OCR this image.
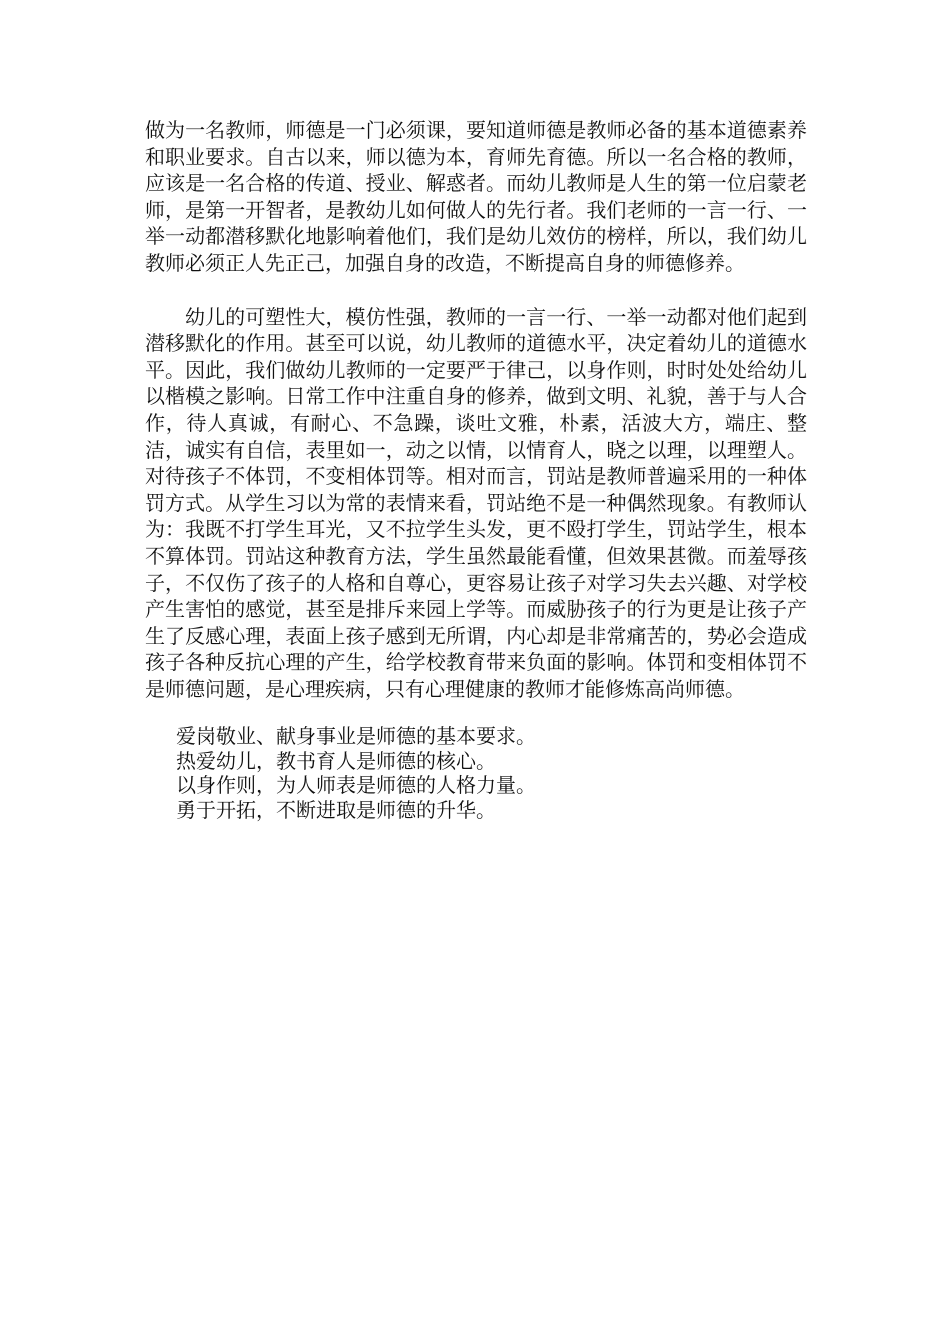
做为一名教师，师德是一门必须课，要知道师德是教师必备的基本道德素养和职业要求。自古以来，师以德为本，育师先育德。所以一名合格的教师，应该是一名合格的传道、授业、解惑者。而幼儿教师是人生的第一位启蒙老师，是第一开智者，是教幼儿如何做人的先行者。我们老师的一言一行、一举一动都潜移默化地影响着他们，我们是幼儿效仿的榜样，所以，我们幼儿教师必须正人先正己，加强自身的改造，不断提高自身的师德修养。

幼儿的可塑性大，模仿性强，教师的一言一行、一举一动都对他们起到潜移默化的作用。甚至可以说，幼儿教师的道德水平，决定着幼儿的道德水平。因此，我们做幼儿教师的一定要严于律己，以身作则，时时处处给幼儿以楷模之影响。日常工作中注重自身的修养，做到文明、礼貌，善于与人合作，待人真诚，有耐心、不急躁，谈吐文雅，朴素，活波大方，端庄、整洁，诚实有自信，表里如一，动之以情，以情育人，晓之以理，以理塑人。对待孩子不体罚，不变相体罚等。相对而言，罚站是教师普遍采用的一种体罚方式。从学生习以为常的表情来看，罚站绝不是一种偶然现象。有教师认为：我既不打学生耳光，又不拉学生头发，更不殴打学生，罚站学生，根本不算体罚。罚站这种教育方法，学生虽然最能看懂，但效果甚微。而羞辱孩子，不仅伤了孩子的人格和自尊心，更容易让孩子对学习失去兴趣、对学校产生害怕的感觉，甚至是排斥来园上学等。而威胁孩子的行为更是让孩子产生了反感心理，表面上孩子感到无所谓，内心却是非常痛苦的，势必会造成孩子各种反抗心理的产生，给学校教育带来负面的影响。体罚和变相体罚不是师德问题，是心理疾病，只有心理健康的教师才能修炼高尚师德。

爱岗敬业、献身事业是师德的基本要求。
热爱幼儿，教书育人是师德的核心。
以身作则，为人师表是师德的人格力量。
勇于开拓，不断进取是师德的升华。
